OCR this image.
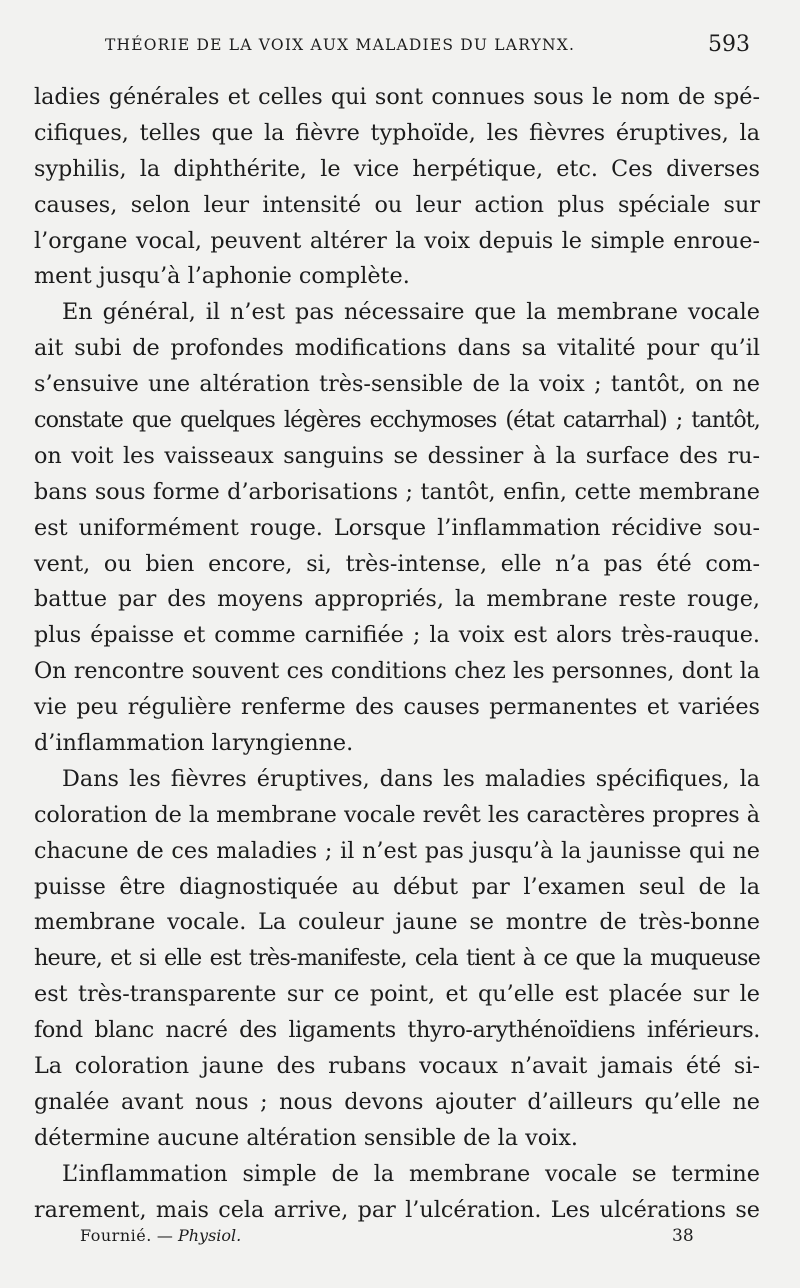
THÉORIE DE LA VOIX AUX MALADIES DU LARYNX.	593
ladies générales et celles qui sont connues sous le nom de spé-
cifiques, telles que la fièvre typhoïde, les fièvres éruptives, la
syphilis, la diphthérite, le vice herpétique, etc. Ces diverses
causes, selon leur intensité ou leur action plus spéciale sur
l’organe vocal, peuvent altérer la voix depuis le simple enroue-
ment jusqu’à l’aphonie complète.
En général, il n’est pas nécessaire que la membrane vocale
ait subi de profondes modifications dans sa vitalité pour qu’il
s’ensuive une altération très-sensible de la voix ; tantôt, on ne
constate que quelques légères ecchymoses (état catarrhal) ; tantôt,
on voit les vaisseaux sanguins se dessiner à la surface des ru-
bans sous forme d’arborisations ; tantôt, enfin, cette membrane
est uniformément rouge. Lorsque l’inflammation récidive sou-
vent, ou bien encore, si, très-intense, elle n’a pas été com-
battue par des moyens appropriés, la membrane reste rouge,
plus épaisse et comme carnifiée ; la voix est alors très-rauque.
On rencontre souvent ces conditions chez les personnes, dont la
vie peu régulière renferme des causes permanentes et variées
d’inflammation laryngienne.
Dans les fièvres éruptives, dans les maladies spécifiques, la
coloration de la membrane vocale revêt les caractères propres à
chacune de ces maladies ; il n’est pas jusqu’à la jaunisse qui ne
puisse être diagnostiquée au début par l’examen seul de la
membrane vocale. La couleur jaune se montre de très-bonne
heure, et si elle est très-manifeste, cela tient à ce que la muqueuse
est très-transparente sur ce point, et qu’elle est placée sur le
fond blanc nacré des ligaments thyro-arythénoïdiens inférieurs.
La coloration jaune des rubans vocaux n’avait jamais été si-
gnalée avant nous ; nous devons ajouter d’ailleurs qu’elle ne
détermine aucune altération sensible de la voix.
L’inflammation simple de la membrane vocale se termine
rarement, mais cela arrive, par l’ulcération. Les ulcérations se
Fournié. — Physiol.	38
